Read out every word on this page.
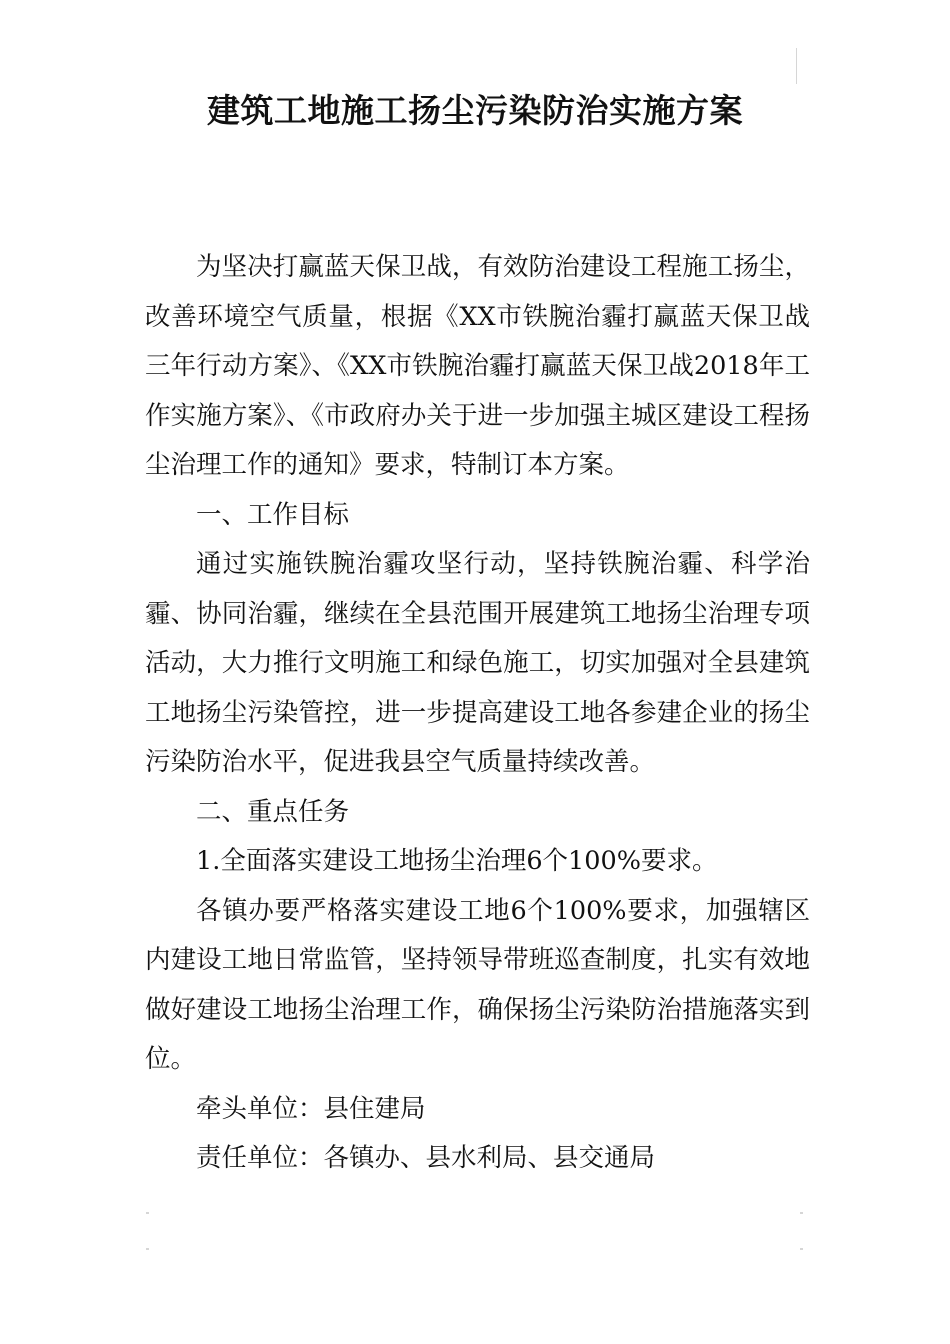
建筑工地施工扬尘污染防治实施方案

为坚决打赢蓝天保卫战，有效防治建设工程施工扬尘，改善环境空气质量，根据《XX市铁腕治霾打赢蓝天保卫战三年行动方案》、《XX市铁腕治霾打赢蓝天保卫战2018年工作实施方案》、《市政府办关于进一步加强主城区建设工程扬尘治理工作的通知》要求，特制订本方案。

一、工作目标

通过实施铁腕治霾攻坚行动，坚持铁腕治霾、科学治霾、协同治霾，继续在全县范围开展建筑工地扬尘治理专项活动，大力推行文明施工和绿色施工，切实加强对全县建筑工地扬尘污染管控，进一步提高建设工地各参建企业的扬尘污染防治水平，促进我县空气质量持续改善。

二、重点任务

1.全面落实建设工地扬尘治理6个100%要求。

各镇办要严格落实建设工地6个100%要求，加强辖区内建设工地日常监管，坚持领导带班巡查制度，扎实有效地做好建设工地扬尘治理工作，确保扬尘污染防治措施落实到位。

牵头单位：县住建局

责任单位：各镇办、县水利局、县交通局
